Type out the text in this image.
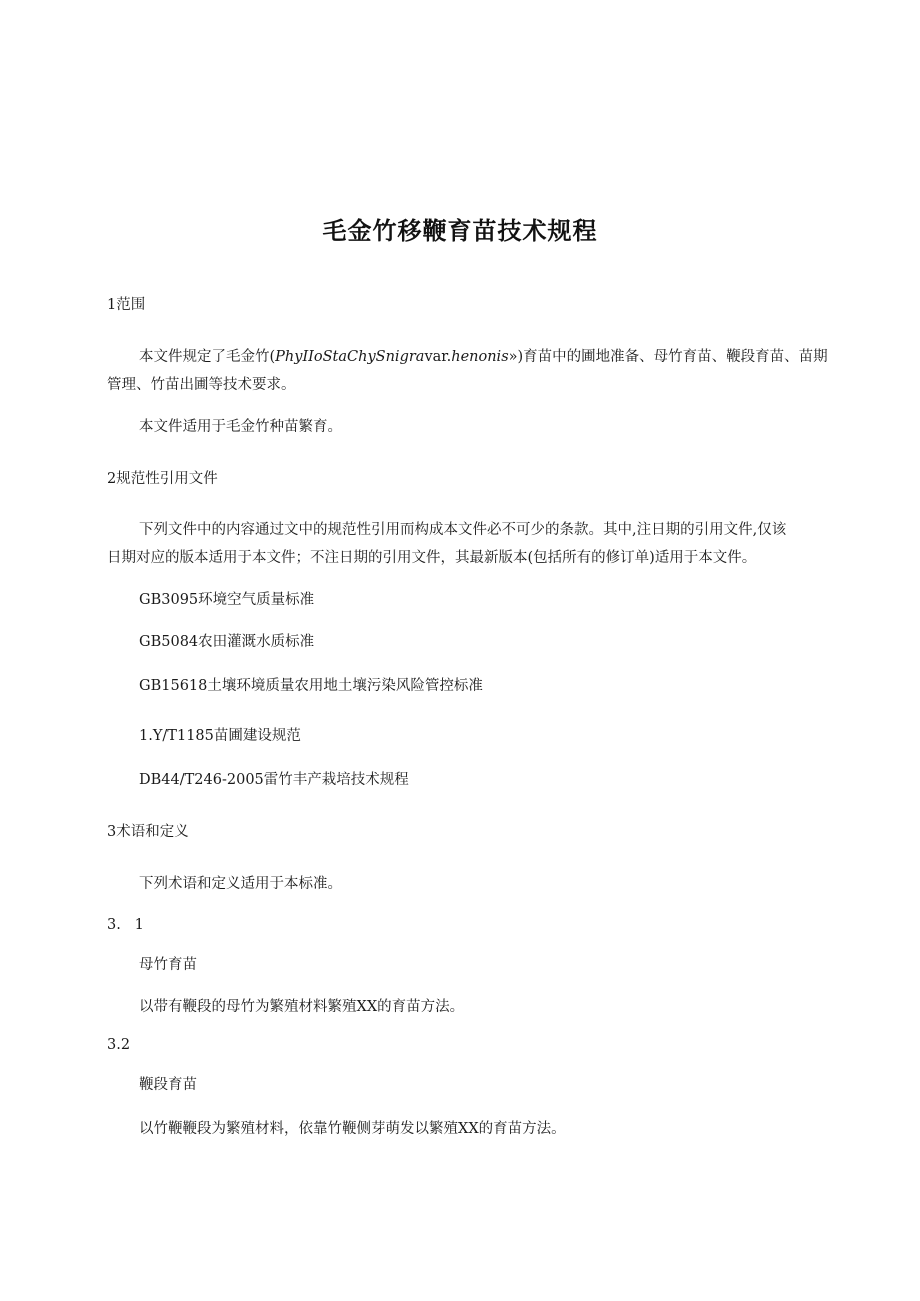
毛金竹移鞭育苗技术规程

1范围

本文件规定了毛金竹(PhyIIoStaChySnigravar.henonis»)育苗中的圃地准备、母竹育苗、鞭段育苗、苗期

管理、竹苗出圃等技术要求。

本文件适用于毛金竹种苗繁育。

2规范性引用文件

下列文件中的内容通过文中的规范性引用而构成本文件必不可少的条款。其中,注日期的引用文件,仅该

日期对应的版本适用于本文件；不注日期的引用文件，其最新版本(包括所有的修订单)适用于本文件。

GB3095环境空气质量标准

GB5084农田灌溉水质标准

GB15618土壤环境质量农用地土壤污染风险管控标准

1.Y/T1185苗圃建设规范

DB44/T246-2005雷竹丰产栽培技术规程

3术语和定义

下列术语和定义适用于本标准。

3.   1

母竹育苗

以带有鞭段的母竹为繁殖材料繁殖XX的育苗方法。

3.2

鞭段育苗

以竹鞭鞭段为繁殖材料，依靠竹鞭侧芽萌发以繁殖XX的育苗方法。
